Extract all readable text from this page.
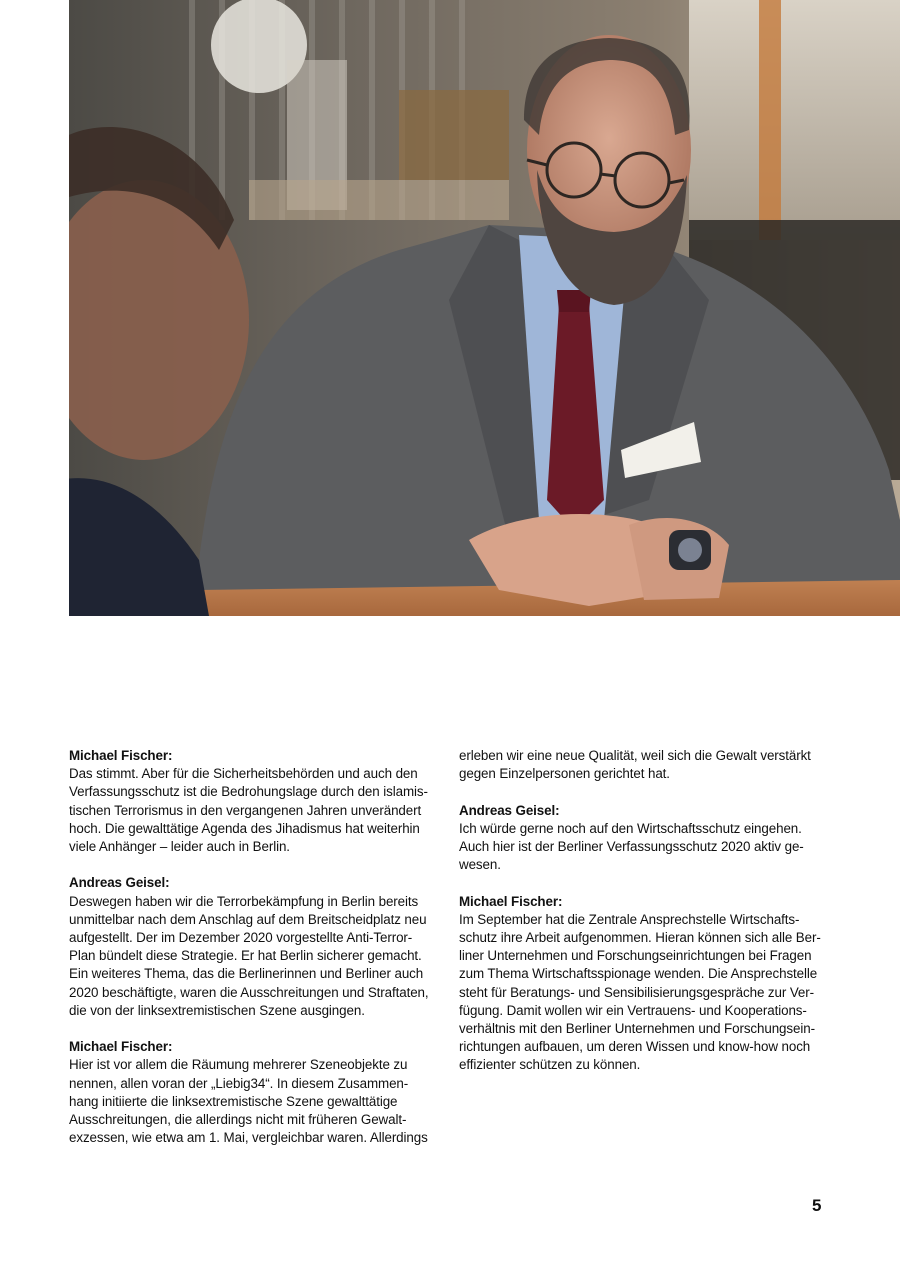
Michael Fischer:
Das stimmt. Aber für die Sicherheitsbehörden und auch den
Verfassungsschutz ist die Bedrohungslage durch den islamis-
tischen Terrorismus in den vergangenen Jahren unverändert
hoch. Die gewalttätige Agenda des Jihadismus hat weiterhin
viele Anhänger – leider auch in Berlin.
Andreas Geisel:
Deswegen haben wir die Terrorbekämpfung in Berlin bereits
unmittelbar nach dem Anschlag auf dem Breitscheidplatz neu
aufgestellt. Der im Dezember 2020 vorgestellte Anti-Terror-
Plan bündelt diese Strategie. Er hat Berlin sicherer gemacht.
Ein weiteres Thema, das die Berlinerinnen und Berliner auch
2020 beschäftigte, waren die Ausschreitungen und Straftaten,
die von der linksextremistischen Szene ausgingen.
Michael Fischer:
Hier ist vor allem die Räumung mehrerer Szeneobjekte zu
nennen, allen voran der „Liebig34“. In diesem Zusammen-
hang initiierte die linksextremistische Szene gewalttätige
Ausschreitungen, die allerdings nicht mit früheren Gewalt-
exzessen, wie etwa am 1. Mai, vergleichbar waren. Allerdings
erleben wir eine neue Qualität, weil sich die Gewalt verstärkt
gegen Einzelpersonen gerichtet hat.
Andreas Geisel:
Ich würde gerne noch auf den Wirtschaftsschutz eingehen.
Auch hier ist der Berliner Verfassungsschutz 2020 aktiv ge-
wesen.
Michael Fischer:
Im September hat die Zentrale Ansprechstelle Wirtschafts-
schutz ihre Arbeit aufgenommen. Hieran können sich alle Ber-
liner Unternehmen und Forschungseinrichtungen bei Fragen
zum Thema Wirtschaftsspionage wenden. Die Ansprechstelle
steht für Beratungs- und Sensibilisierungsgespräche zur Ver-
fügung. Damit wollen wir ein Vertrauens- und Kooperations-
verhältnis mit den Berliner Unternehmen und Forschungsein-
richtungen aufbauen, um deren Wissen und know-how noch
effizienter schützen zu können.
5
